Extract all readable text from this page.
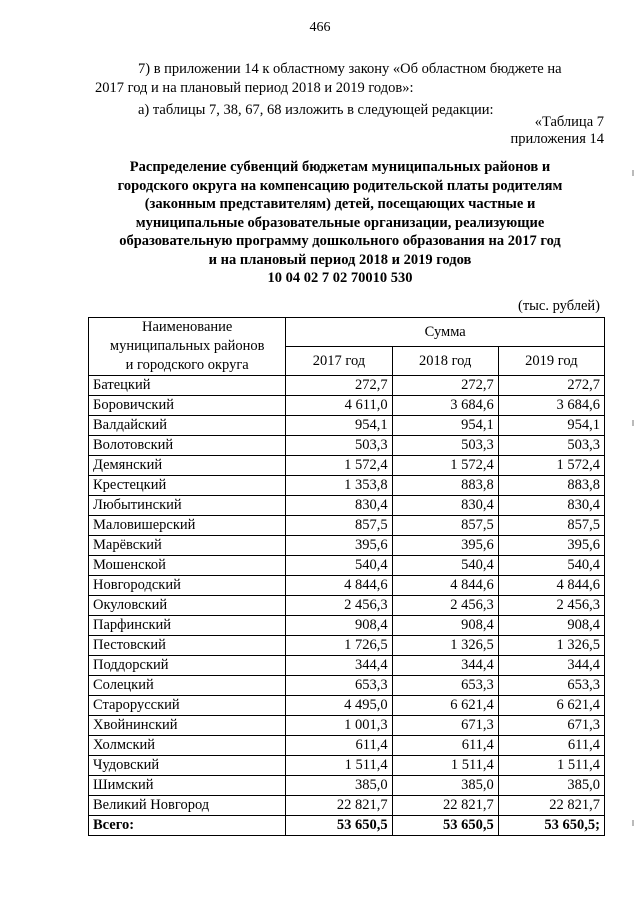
466
7) в приложении 14 к областному закону «Об областном бюджете на
2017 год и на плановый период 2018 и 2019 годов»:
а) таблицы 7, 38, 67, 68 изложить в следующей редакции:
«Таблица 7
приложения 14
Распределение субвенций бюджетам муниципальных районов и
городского округа на компенсацию родительской платы родителям
(законным представителям) детей, посещающих частные и
муниципальные образовательные организации, реализующие
образовательную программу дошкольного образования на 2017 год
и на плановый период 2018 и 2019 годов
10 04 02 7 02 70010 530
(тыс. рублей)
Наименование
муниципальных районов
и городского округа	Сумма		
	2017 год	2018 год	2019 год
Батецкий	272,7	272,7	272,7
Боровичский	4 611,0	3 684,6	3 684,6
Валдайский	954,1	954,1	954,1
Волотовский	503,3	503,3	503,3
Демянский	1 572,4	1 572,4	1 572,4
Крестецкий	1 353,8	883,8	883,8
Любытинский	830,4	830,4	830,4
Маловишерский	857,5	857,5	857,5
Марёвский	395,6	395,6	395,6
Мошенской	540,4	540,4	540,4
Новгородский	4 844,6	4 844,6	4 844,6
Окуловский	2 456,3	2 456,3	2 456,3
Парфинский	908,4	908,4	908,4
Пестовский	1 726,5	1 326,5	1 326,5
Поддорский	344,4	344,4	344,4
Солецкий	653,3	653,3	653,3
Старорусский	4 495,0	6 621,4	6 621,4
Хвойнинский	1 001,3	671,3	671,3
Холмский	611,4	611,4	611,4
Чудовский	1 511,4	1 511,4	1 511,4
Шимский	385,0	385,0	385,0
Великий Новгород	22 821,7	22 821,7	22 821,7
Всего:	53 650,5	53 650,5	53 650,5;
